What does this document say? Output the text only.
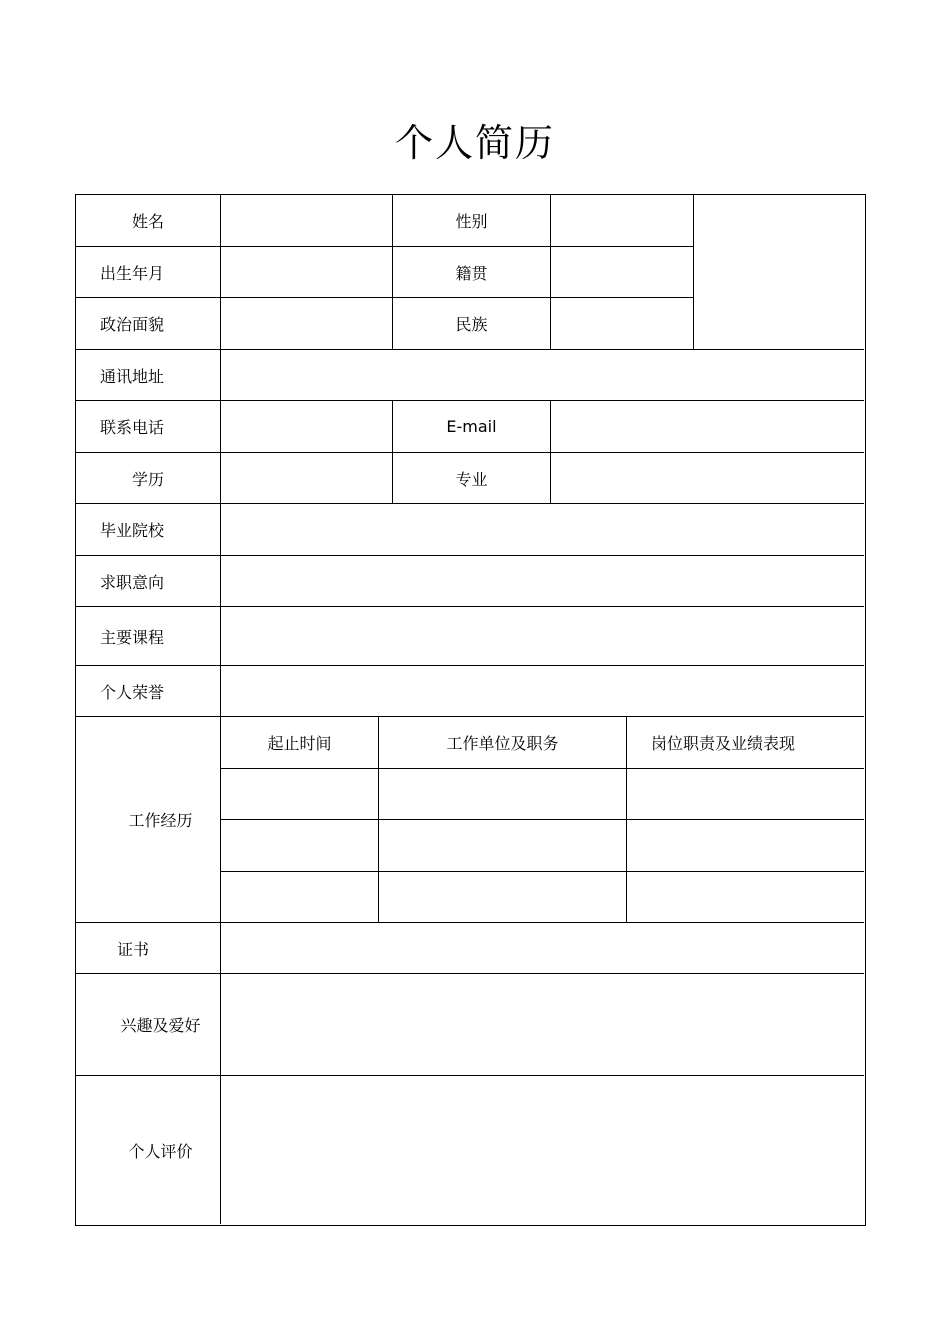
个人简历
姓名	性别
出生年月	籍贯
政治面貌	民族
通讯地址
联系电话	E-mail
学历	专业
毕业院校
求职意向
主要课程
个人荣誉
工作经历
起止时间	工作单位及职务	岗位职责及业绩表现
证书
兴趣及爱好
个人评价
